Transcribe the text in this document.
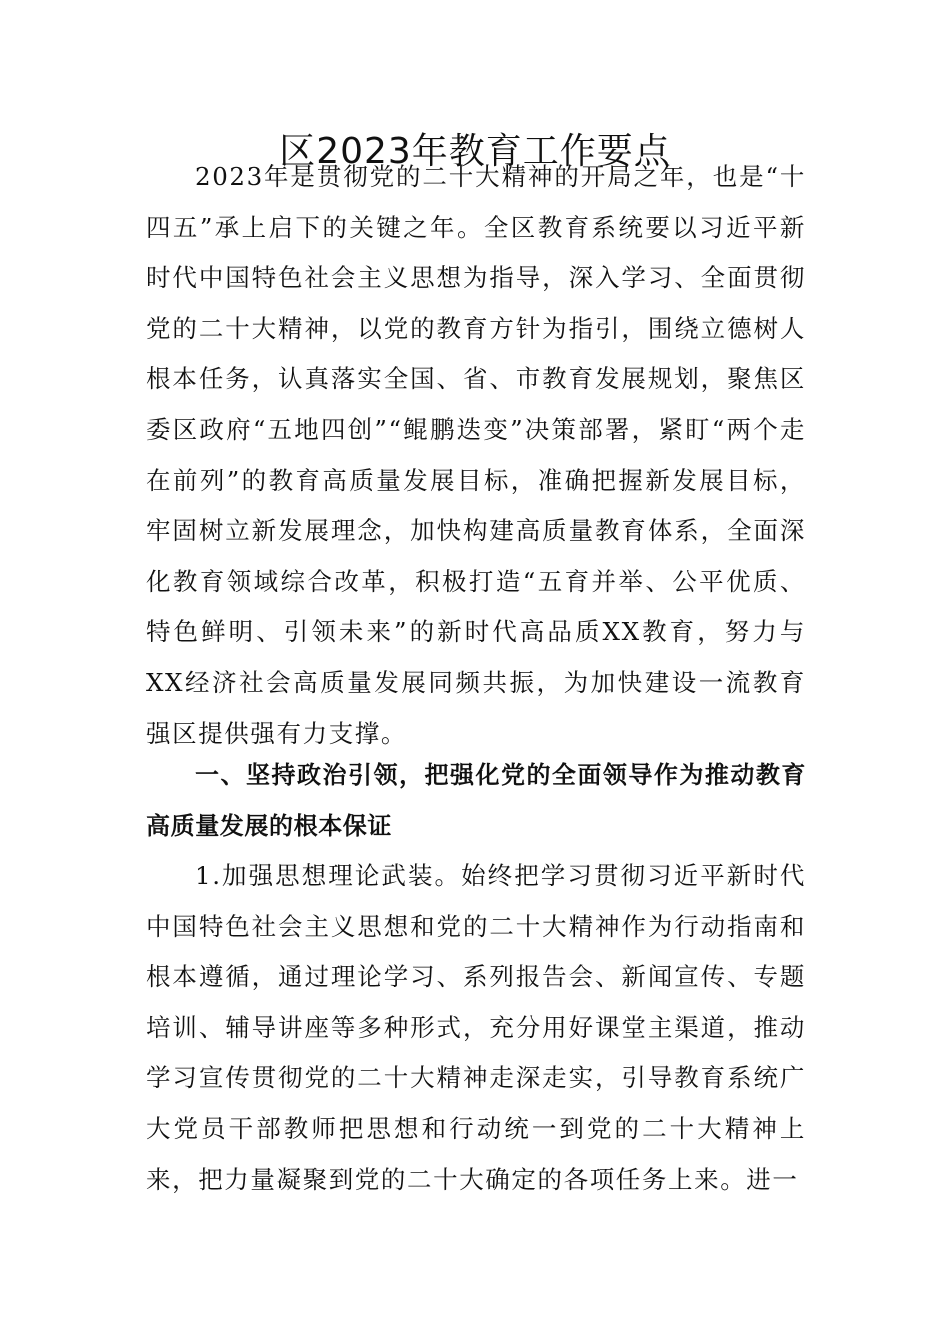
区2023年教育工作要点

2023年是贯彻党的二十大精神的开局之年，也是“十四五”承上启下的关键之年。全区教育系统要以习近平新时代中国特色社会主义思想为指导，深入学习、全面贯彻党的二十大精神，以党的教育方针为指引，围绕立德树人根本任务，认真落实全国、省、市教育发展规划，聚焦区委区政府“五地四创”“鲲鹏迭变”决策部署，紧盯“两个走在前列”的教育高质量发展目标，准确把握新发展目标，牢固树立新发展理念，加快构建高质量教育体系，全面深化教育领域综合改革，积极打造“五育并举、公平优质、特色鲜明、引领未来”的新时代高品质XX教育，努力与XX经济社会高质量发展同频共振，为加快建设一流教育强区提供强有力支撑。

一、坚持政治引领，把强化党的全面领导作为推动教育高质量发展的根本保证

1.加强思想理论武装。始终把学习贯彻习近平新时代中国特色社会主义思想和党的二十大精神作为行动指南和根本遵循，通过理论学习、系列报告会、新闻宣传、专题培训、辅导讲座等多种形式，充分用好课堂主渠道，推动学习宣传贯彻党的二十大精神走深走实，引导教育系统广大党员干部教师把思想和行动统一到党的二十大精神上来，把力量凝聚到党的二十大确定的各项任务上来。进一
